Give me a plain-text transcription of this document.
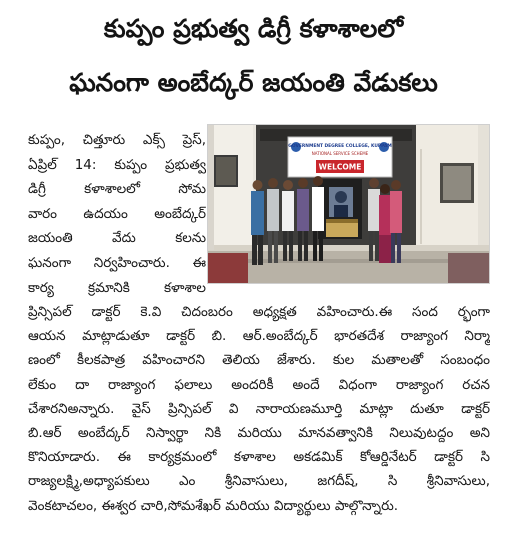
కుప్పం ప్రభుత్వ డిగ్రీ కళాశాలలో
ఘనంగా అంబేద్కర్ జయంతి వేడుకలు
కుప్పం, చిత్తూరు ఎక్స్ ప్రెస్,
ఏప్రిల్ 14: కుప్పం ప్రభుత్వ
డిగ్రీ కళాశాలలో సోమ
వారం ఉదయం అంబేద్కర్
జయంతి వేదు కలను
ఘనంగా నిర్వహించారు. ఈ
కార్య క్రమానికి కళాశాల
GOVERNMENT DEGREE COLLEGE, KUPPAM
NATIONAL SERVICE SCHEME
WELCOME
ప్రిన్సిపల్ డాక్టర్ కె.వి చిదంబరం అధ్యక్షత వహించారు.ఈ సంద ర్భంగా
ఆయన మాట్లాడుతూ డాక్టర్ బి. ఆర్.అంబేద్కర్ భారతదేశ రాజ్యాంగ నిర్మా
ణంలో కీలకపాత్ర వహించారని తెలియ జేశారు. కుల మతాలతో సంబంధం
లేకుం దా రాజ్యాంగ ఫలాలు అందరికీ అందే విధంగా రాజ్యాంగ రచన
చేశారనిఅన్నారు. వైస్ ప్రిన్సిపల్ వి నారాయణమూర్తి మాట్లా దుతూ డాక్టర్
బి.ఆర్ అంబేద్కర్ నిస్వార్థా నికి మరియు మానవత్వానికి నిలువుటద్దం అని
కొనియాడారు. ఈ కార్యక్రమంలో కళాశాల అకడమిక్ కోఆర్డినేటర్ డాక్టర్ సి
రాజ్యలక్ష్మి,అధ్యాపకులు ఎం శ్రీనివాసులు, జగదీష్, సి శ్రీనివాసులు,
వెంకటాచలం, ఈశ్వర చారి,సోమశేఖర్ మరియు విద్యార్థులు పాల్గొన్నారు.
